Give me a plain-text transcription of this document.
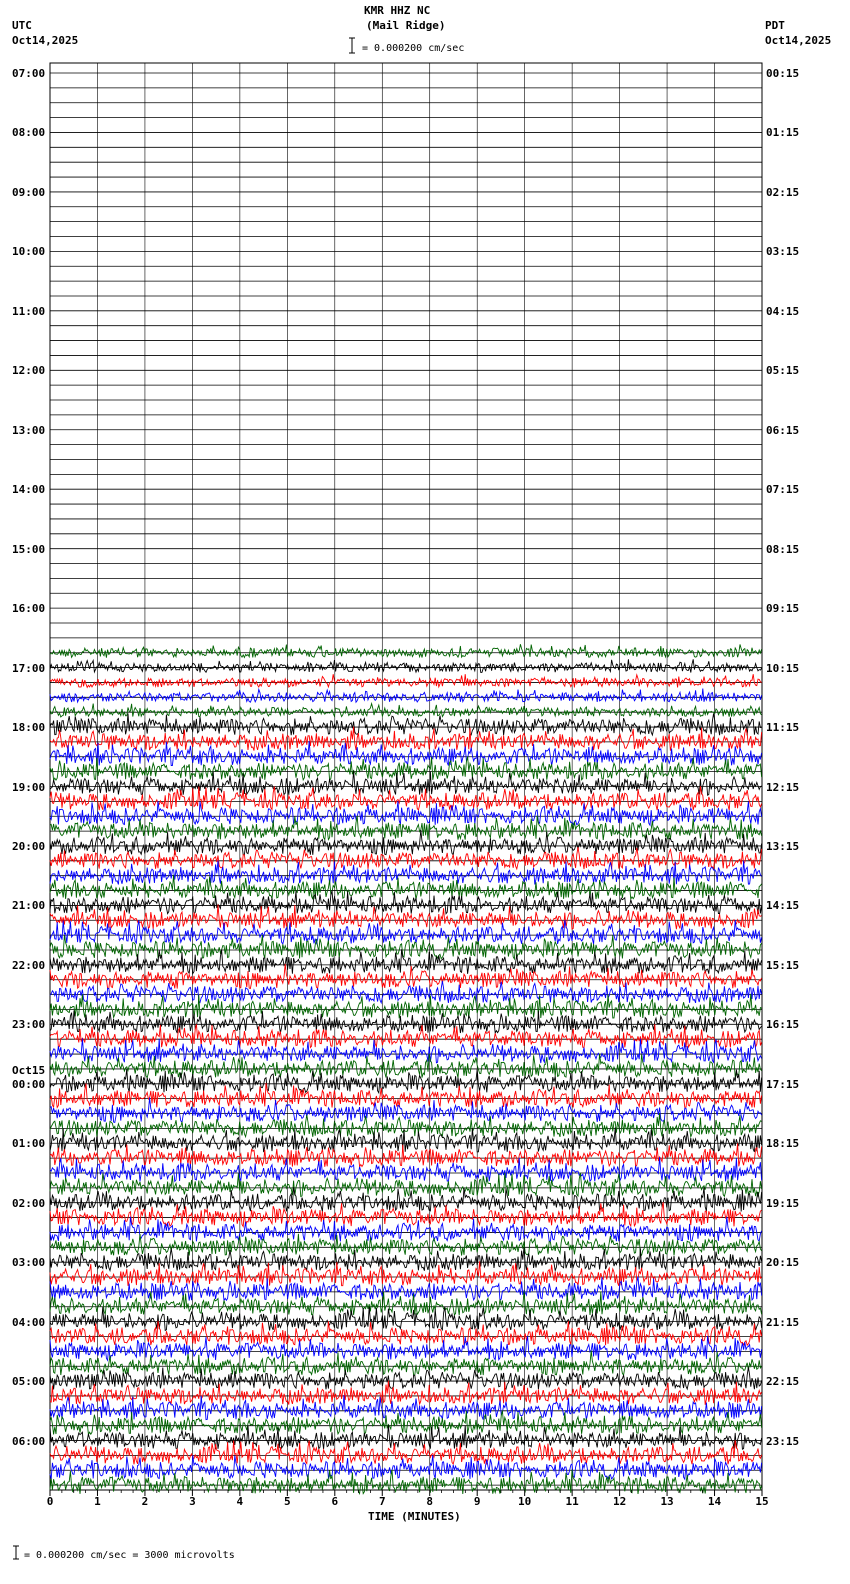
0	1	2	3	4	5	6	7	8	9	10	11	12	13	14	15
UTC
Oct14,2025
KMR HHZ NC
(Mail Ridge)
= 0.000200 cm/sec
PDT
Oct14,2025
07:00
08:00
09:00
10:00
11:00
12:00
13:00
14:00
15:00
16:00
17:00
18:00
19:00
20:00
21:00
22:00
23:00
00:00
Oct15
01:00
02:00
03:00
04:00
05:00
06:00
00:15
01:15
02:15
03:15
04:15
05:15
06:15
07:15
08:15
09:15
10:15
11:15
12:15
13:15
14:15
15:15
16:15
17:15
18:15
19:15
20:15
21:15
22:15
23:15
TIME (MINUTES)
= 0.000200 cm/sec = 3000 microvolts
